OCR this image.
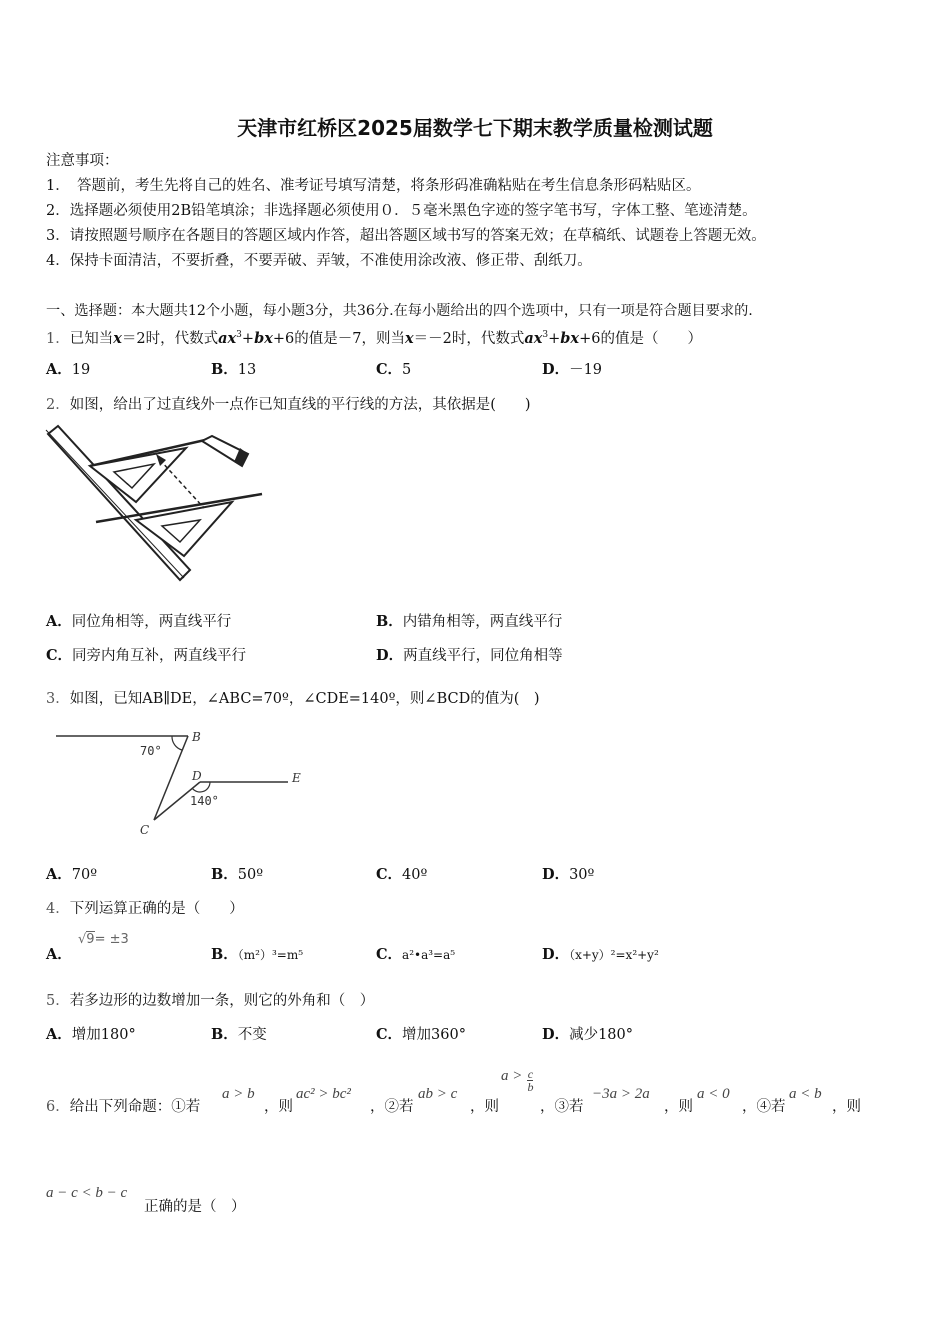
天津市红桥区2025届数学七下期末教学质量检测试题
注意事项：
1．　答题前，考生先将自己的姓名、准考证号填写清楚，将条形码准确粘贴在考生信息条形码粘贴区。
2．选择题必须使用2B铅笔填涂；非选择题必须使用０．５毫米黑色字迹的签字笔书写，字体工整、笔迹清楚。
3．请按照题号顺序在各题目的答题区域内作答，超出答题区域书写的答案无效；在草稿纸、试题卷上答题无效。
4．保持卡面清洁，不要折叠，不要弄破、弄皱，不准使用涂改液、修正带、刮纸刀。
一、选择题：本大题共12个小题，每小题3分，共36分.在每小题给出的四个选项中，只有一项是符合题目要求的.
1．已知当x＝2时，代数式$ax^3+bx+6$的值是－7，则当x＝－2时，代数式$ax^3+bx+6$的值是（　　）
A．19	B．13	C．5	D．－19
2．如图，给出了过直线外一点作已知直线的平行线的方法，其依据是(　　)
A．同位角相等，两直线平行	B．内错角相等，两直线平行
C．同旁内角互补，两直线平行	D．两直线平行，同位角相等
3．如图，已知AB∥DE，∠ABC=70º，∠CDE=140º，则∠BCD的值为(　)
70°
140°
B
C
D	E
A．70º	B．50º	C．40º	D．30º
4．下列运算正确的是（　　）
A．
√9= ±3
B．（m²）³=m⁵	C．a²•a³=a⁵	D．（x+y）²=x²+y²
5．若多边形的边数增加一条，则它的外角和（　）
A．增加180°	B．不变	C．增加360°	D．减少180°
6．给出下列命题：①若
a > b
，则
ac² > bc²
，②若
ab > c
，则
$a > \frac{c}{b}$
，③若
−3a > 2a
，则
a < 0
，④若
a < b
，则
a − c < b − c
正确的是（　）
